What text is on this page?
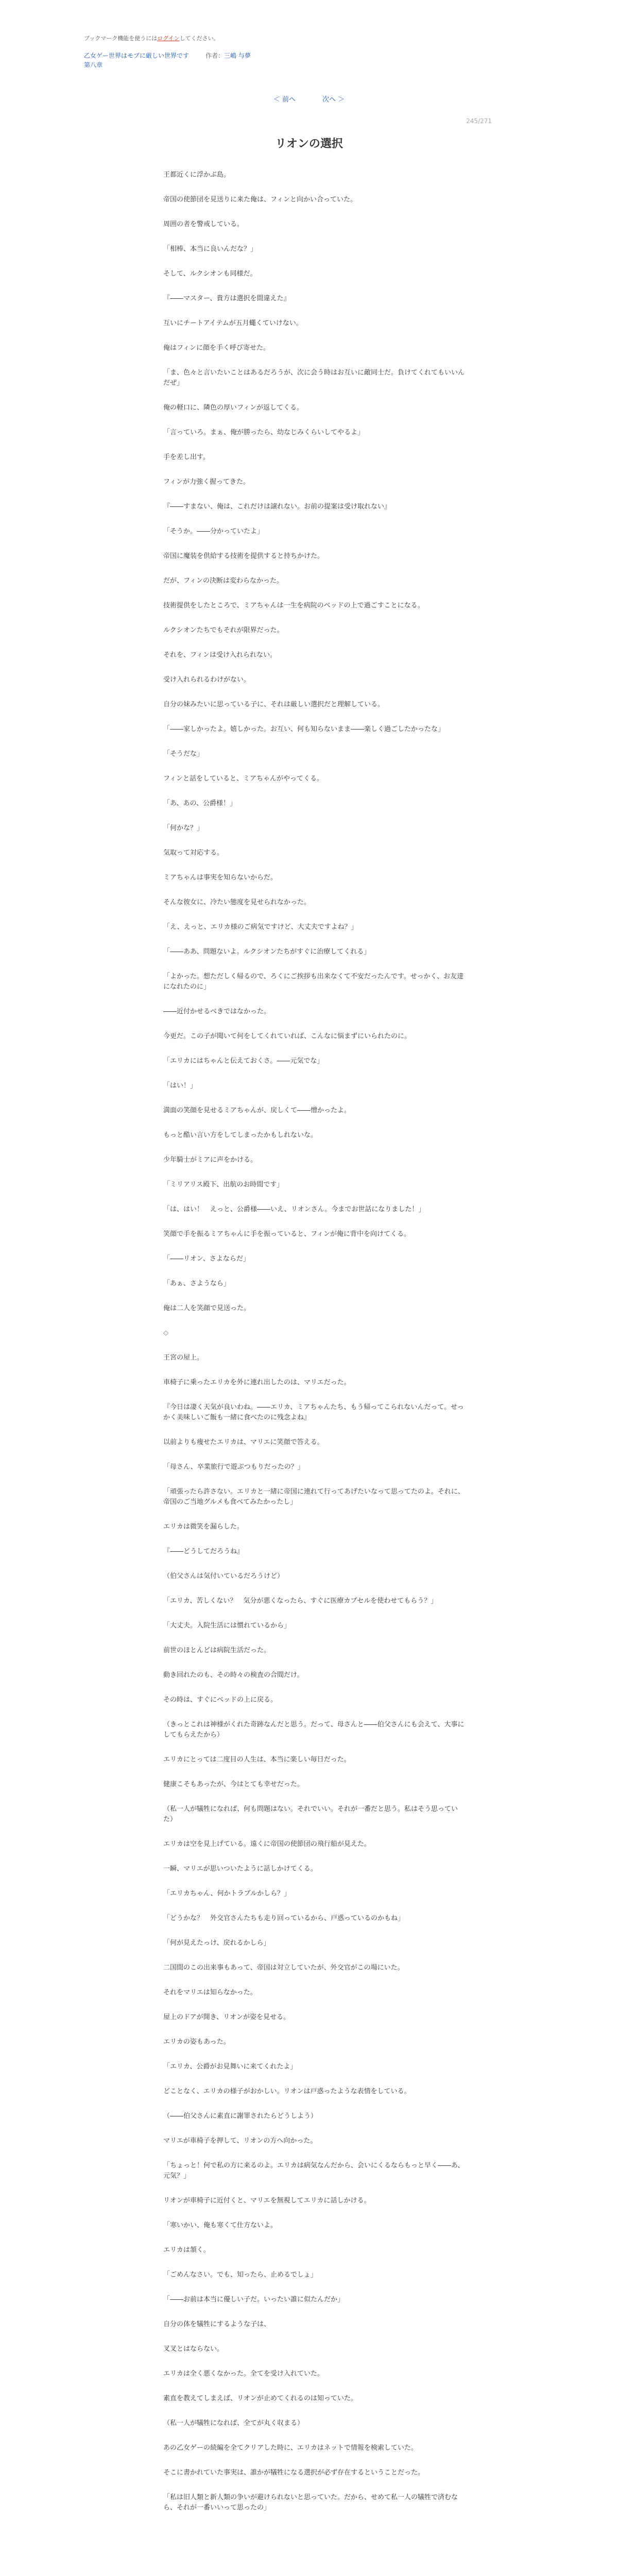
ブックマーク機能を使うにはログインしてください。
乙女ゲー世界はモブに厳しい世界です　	作者：三嶋 与夢
第八章
＜ 前へ	次へ ＞
245/271
リオンの選択

王都近くに浮かぶ島。

帝国の使節団を見送りに来た俺は、フィンと向かい合っていた。

周囲の者を警戒している。

「相棒、本当に良いんだな？」

そして、ルクシオンも同様だ。

『――マスター、貴方は選択を間違えた』

互いにチートアイテムが五月蠅くていけない。

俺はフィンに顔を手く呼び寄せた。

「ま、色々と言いたいことはあるだろうが、次に会う時はお互いに敵同士だ。負けてくれてもいいんだぜ」

俺の軽口に、隣色の厚いフィンが返してくる。

「言っていろ。まぁ、俺が勝ったら、幼なじみくらいしてやるよ」

手を差し出す。

フィンが力強く握ってきた。

『――すまない、俺は、これだけは譲れない。お前の提案は受け取れない』

「そうか。――分かっていたよ」

帝国に魔装を供給する技術を提供すると持ちかけた。

だが、フィンの決断は変わらなかった。

技術提供をしたところで、ミアちゃんは一生を病院のベッドの上で過ごすことになる。

ルクシオンたちでもそれが限界だった。

それを、フィンは受け入れられない。

受け入れられるわけがない。

自分の妹みたいに思っている子に、それは厳しい選択だと理解している。

「――家しかったよ。嬉しかった。お互い、何も知らないまま――楽しく過ごしたかったな」

「そうだな」

フィンと話をしていると、ミアちゃんがやってくる。

「あ、あの、公爵様！」

「何かな？」

気取って対応する。

ミアちゃんは事実を知らないからだ。

そんな彼女に、冷たい態度を見せられなかった。

「え、えっと、エリカ様のご病気ですけど、大丈夫ですよね？」

「――ああ、問題ないよ。ルクシオンたちがすぐに治療してくれる」

「よかった。想ただしく帰るので、ろくにご挨拶も出来なくて不安だったんです。せっかく、お友達になれたのに」

――近付かせるべきではなかった。

今更だ。この子が聞いて何をしてくれていれば、こんなに悩まずにいられたのに。

「エリカにはちゃんと伝えておくさ。――元気でな」

「はい！」

満面の笑顔を見せるミアちゃんが、戻しくて――憎かったよ。

もっと酷い言い方をしてしまったかもしれないな。

少年騎士がミアに声をかける。

「ミリアリス殿下、出航のお時間です」

「は、はい！　えっと、公爵様――いえ、リオンさん。今までお世話になりました！」

笑顔で手を振るミアちゃんに手を振っていると、フィンが俺に背中を向けてくる。

「――リオン、さよならだ」

「あぁ、さようなら」

俺は二人を笑顔で見送った。

◇

王宮の屋上。

車椅子に乗ったエリカを外に連れ出したのは、マリエだった。

『今日は凄く天気が良いわね。――エリカ、ミアちゃんたち、もう帰ってこられないんだって。せっかく美味しいご飯も一緒に食べたのに残念よね』

以前よりも痩せたエリカは、マリエに笑顔で答える。

「母さん、卒業旅行で遊ぶつもりだったの？」

「頑張ったら許さない。エリカと一緒に帝国に連れて行ってあげたいなって思ってたのよ。それに、帝国のご当地グルメも食べてみたかったし」

エリカは微笑を漏らした。

『――どうしてだろうね』

（伯父さんは気付いているだろうけど）

「エリカ、苦しくない？　気分が悪くなったら、すぐに医療カプセルを使わせてもらう？」

「大丈夫。入院生活には慣れているから」

前世のほとんどは病院生活だった。

動き回れたのも、その時々の検査の合間だけ。

その時は、すぐにベッドの上に戻る。

（きっとこれは神様がくれた奇跡なんだと思う。だって、母さんと――伯父さんにも会えて、大事にしてもらえたから）

エリカにとっては二度目の人生は、本当に楽しい毎日だった。

健康こそもあったが、今はとても幸せだった。

（私一人が犠牲になれば、何も問題はない。それでいい。それが一番だと思う。私はそう思っていた）

エリカは空を見上げている。遠くに帝国の使節団の飛行船が見えた。

一瞬、マリエが思いついたように話しかけてくる。

「エリカちゃん、何かトラブルかしら？」

「どうかな？　外交官さんたちも走り回っているから、戸惑っているのかもね」

「何が見えたっけ、戻れるかしら」

二国間のこの出来事もあって、帝国は対立していたが、外交官がこの場にいた。

それをマリエは知らなかった。

屋上のドアが開き、リオンが姿を見せる。

エリカの姿もあった。

「エリカ、公爵がお見舞いに来てくれたよ」

どことなく、エリカの様子がおかしい。リオンは戸惑ったような表情をしている。

（――伯父さんに素直に謝罪されたらどうしよう）

マリエが車椅子を押して、リオンの方へ向かった。

「ちょっと！何で私の方に来るのよ。エリカは病気なんだから、会いにくるならもっと早く――あ、元気？」

リオンが車椅子に近付くと、マリエを無視してエリカに話しかける。

「寒いかい、俺も寒くて仕方ないよ。

エリカは頷く。

「ごめんなさい。でも、知ったら、止めるでしょ」

「――お前は本当に優しい子だ。いったい誰に似たんだか」

自分の体を犠牲にするような子は、

叉叉とはならない。

エリカは全く悪くなかった。全てを受け入れていた。

素直を教えてしまえば、リオンが止めてくれるのは知っていた。

（私一人が犠牲になれば、全てが丸く収まる）

あの乙女ゲーの続編を全てクリアした時に、エリカはネットで情報を検索していた。

そこに書かれていた事実は、誰かが犠牲になる選択が必ず存在するということだった。

「私は旧人類と新人類の争いが避けられないと思っていた。だから、せめて私一人の犠牲で済むなら、それが一番いいって思ったの」
